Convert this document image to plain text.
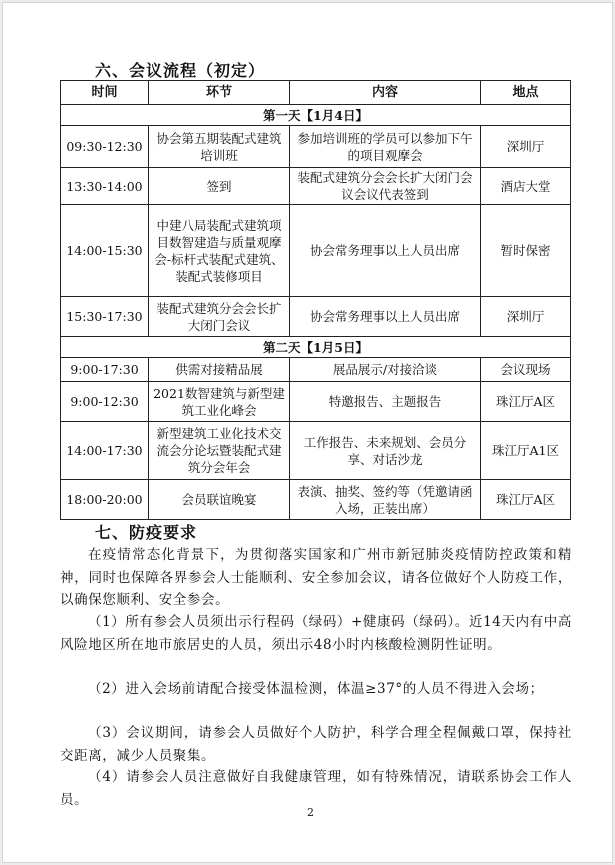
六、会议流程（初定）
时间	环节	内容	地点
第一天【1月4日】			
09:30-12:30	协会第五期装配式建筑培训班	参加培训班的学员可以参加下午的项目观摩会	深圳厅
13:30-14:00	签到	装配式建筑分会会长扩大闭门会议会议代表签到	酒店大堂
14:00-15:30	中建八局装配式建筑项目数智建造与质量观摩会-标杆式装配式建筑、装配式装修项目	协会常务理事以上人员出席	暂时保密
15:30-17:30	装配式建筑分会会长扩大闭门会议	协会常务理事以上人员出席	深圳厅
第二天【1月5日】			
9:00-17:30	供需对接精品展	展品展示/对接洽谈	会议现场
9:00-12:30	2021数智建筑与新型建筑工业化峰会	特邀报告、主题报告	珠江厅A区
14:00-17:30	新型建筑工业化技术交流会分论坛暨装配式建筑分会年会	工作报告、未来规划、会员分享、对话沙龙	珠江厅A1区
18:00-20:00	会员联谊晚宴	表演、抽奖、签约等（凭邀请函入场，正装出席）	珠江厅A区
七、防疫要求

在疫情常态化背景下，为贯彻落实国家和广州市新冠肺炎疫情防控政策和精神，同时也保障各界参会人士能顺利、安全参加会议，请各位做好个人防疫工作，以确保您顺利、安全参会。

（1）所有参会人员须出示行程码（绿码）+健康码（绿码）。近14天内有中高风险地区所在地市旅居史的人员，须出示48小时内核酸检测阴性证明。

（2）进入会场前请配合接受体温检测，体温≥37°的人员不得进入会场；

（3）会议期间，请参会人员做好个人防护，科学合理全程佩戴口罩，保持社交距离，减少人员聚集。

（4）请参会人员注意做好自我健康管理，如有特殊情况，请联系协会工作人员。

2
